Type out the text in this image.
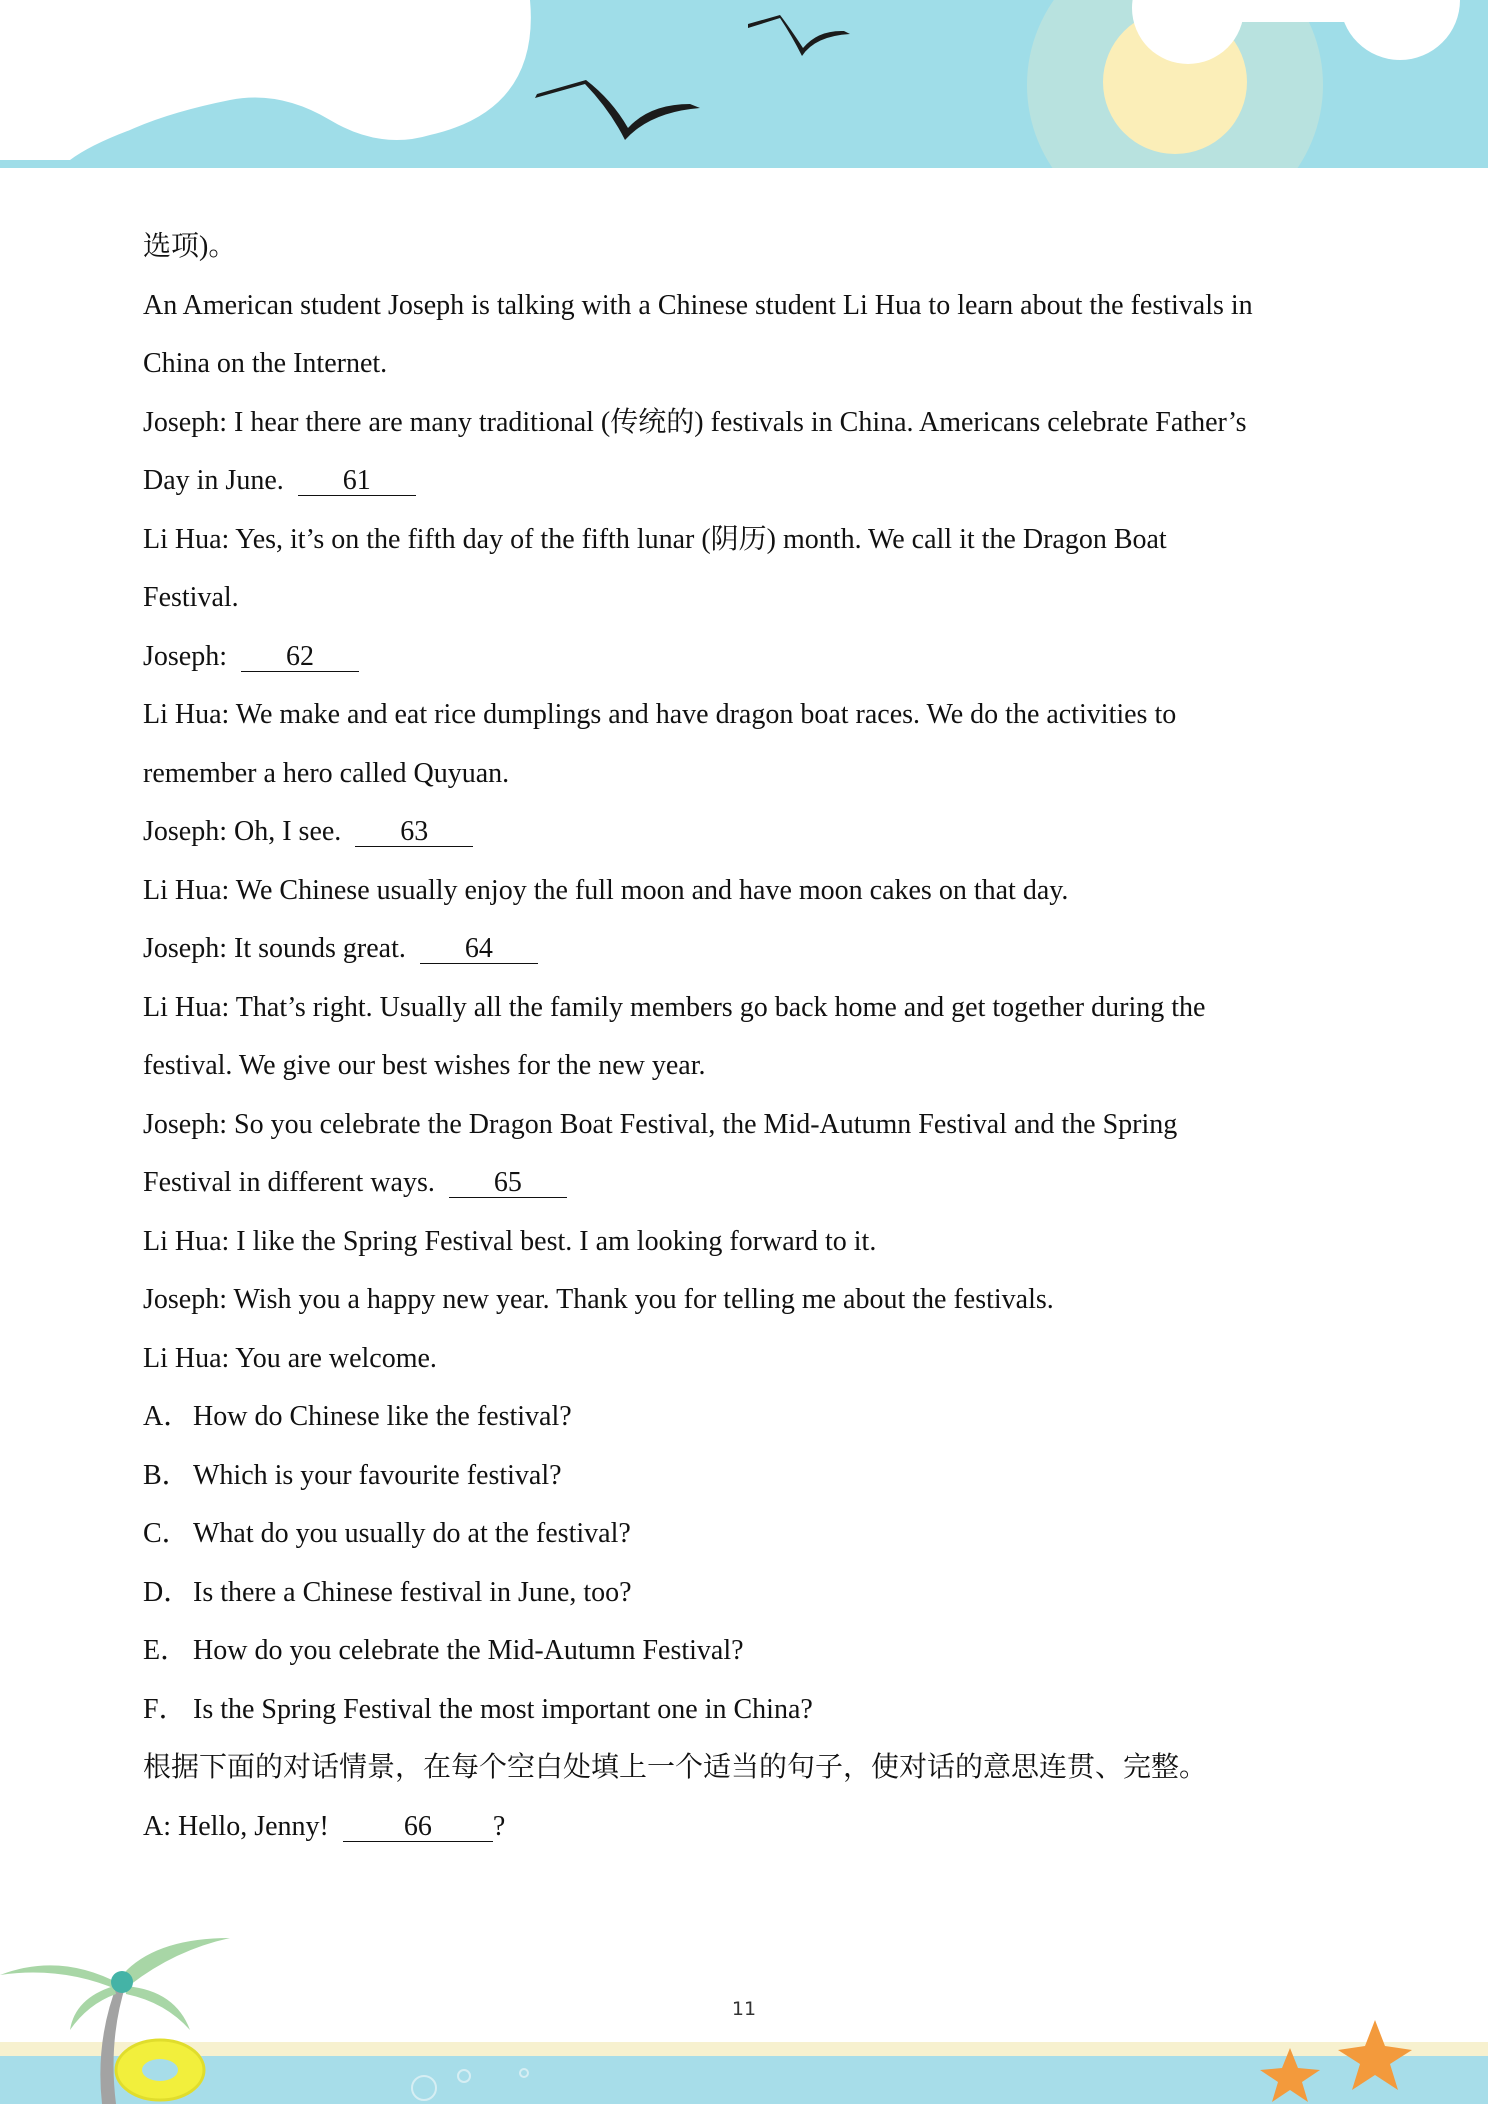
选项)。
An American student Joseph is talking with a Chinese student Li Hua to learn about the festivals in
China on the Internet.
Joseph: I hear there are many traditional (传统的) festivals in China. Americans celebrate Father’s
Day in June. 61
Li Hua: Yes, it’s on the fifth day of the fifth lunar (阴历) month. We call it the Dragon Boat
Festival.
Joseph: 62
Li Hua: We make and eat rice dumplings and have dragon boat races. We do the activities to
remember a hero called Quyuan.
Joseph: Oh, I see. 63
Li Hua: We Chinese usually enjoy the full moon and have moon cakes on that day.
Joseph: It sounds great. 64
Li Hua: That’s right. Usually all the family members go back home and get together during the
festival. We give our best wishes for the new year.
Joseph: So you celebrate the Dragon Boat Festival, the Mid-Autumn Festival and the Spring
Festival in different ways. 65
Li Hua: I like the Spring Festival best. I am looking forward to it.
Joseph: Wish you a happy new year. Thank you for telling me about the festivals.
Li Hua: You are welcome.
A．How do Chinese like the festival?
B． Which is your favourite festival?
C． What do you usually do at the festival?
D．Is there a Chinese festival in June, too?
E． How do you celebrate the Mid-Autumn Festival?
F． Is the Spring Festival the most important one in China?
根据下面的对话情景，在每个空白处填上一个适当的句子，使对话的意思连贯、完整。
A: Hello, Jenny!	66 ?
11
